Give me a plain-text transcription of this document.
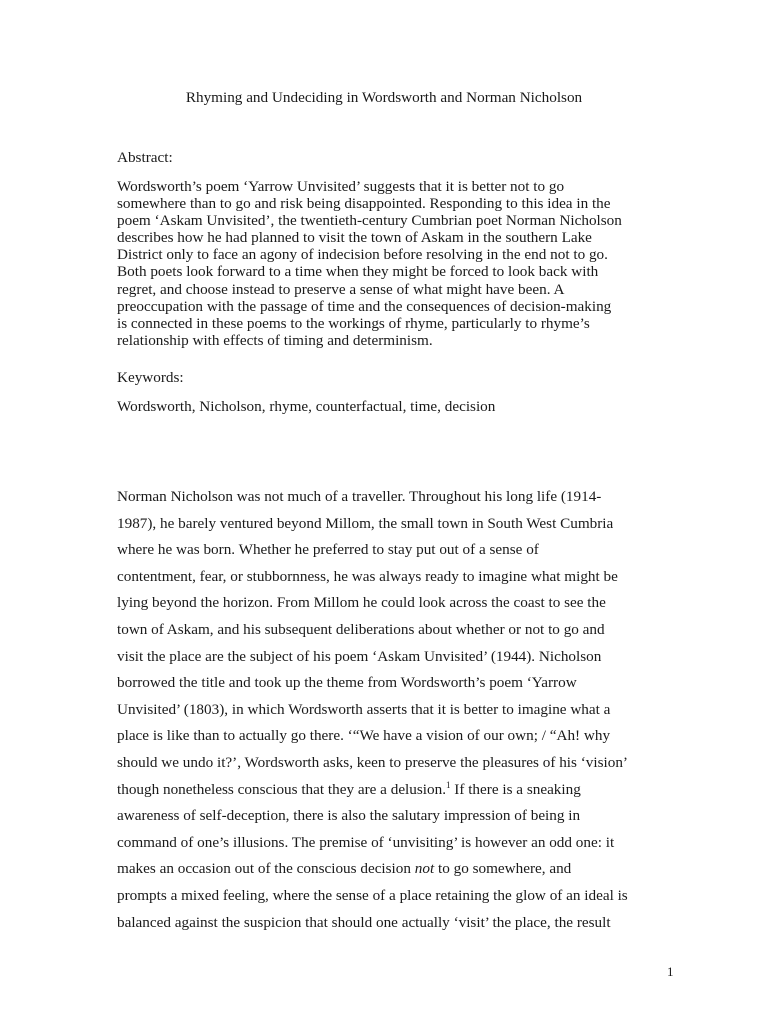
Rhyming and Undeciding in Wordsworth and Norman Nicholson
Abstract:
Wordsworth’s poem ‘Yarrow Unvisited’ suggests that it is better not to go
somewhere than to go and risk being disappointed. Responding to this idea in the
poem ‘Askam Unvisited’, the twentieth-century Cumbrian poet Norman Nicholson
describes how he had planned to visit the town of Askam in the southern Lake
District only to face an agony of indecision before resolving in the end not to go.
Both poets look forward to a time when they might be forced to look back with
regret, and choose instead to preserve a sense of what might have been. A
preoccupation with the passage of time and the consequences of decision-making
is connected in these poems to the workings of rhyme, particularly to rhyme’s
relationship with effects of timing and determinism.
Keywords:
Wordsworth, Nicholson, rhyme, counterfactual, time, decision
Norman Nicholson was not much of a traveller. Throughout his long life (1914-
1987), he barely ventured beyond Millom, the small town in South West Cumbria
where he was born. Whether he preferred to stay put out of a sense of
contentment, fear, or stubbornness, he was always ready to imagine what might be
lying beyond the horizon. From Millom he could look across the coast to see the
town of Askam, and his subsequent deliberations about whether or not to go and
visit the place are the subject of his poem ‘Askam Unvisited’ (1944). Nicholson
borrowed the title and took up the theme from Wordsworth’s poem ‘Yarrow
Unvisited’ (1803), in which Wordsworth asserts that it is better to imagine what a
place is like than to actually go there. ‘“We have a vision of our own; / “Ah! why
should we undo it?’, Wordsworth asks, keen to preserve the pleasures of his ‘vision’
though nonetheless conscious that they are a delusion.$^1$ If there is a sneaking
awareness of self-deception, there is also the salutary impression of being in
command of one’s illusions. The premise of ‘unvisiting’ is however an odd one: it
makes an occasion out of the conscious decision not to go somewhere, and
prompts a mixed feeling, where the sense of a place retaining the glow of an ideal is
balanced against the suspicion that should one actually ‘visit’ the place, the result
1
